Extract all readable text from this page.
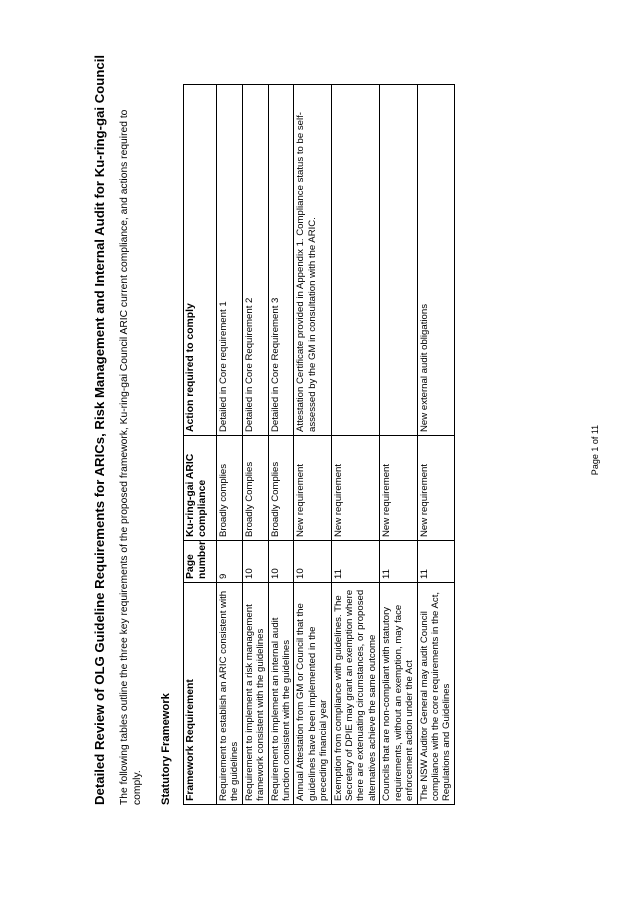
Detailed Review of OLG Guideline Requirements for ARICs, Risk Management and Internal Audit for Ku-ring-gai Council The following tables outline the three key requirements of the proposed framework, Ku-ring-gai Council ARIC current compliance, and actions required to comply. Statutory Framework Framework Requirement	Page number	Ku-ring-gai ARIC compliance	Action required to comply
Requirement to establish an ARIC consistent with the guidelines	9	Broadly complies	Detailed in Core requirement 1
Requirement to implement a risk management framework consistent with the guidelines	10	Broadly Complies	Detailed in Core Requirement 2
Requirement to implement an internal audit function consistent with the guidelines	10	Broadly Complies	Detailed in Core Requirement 3
Annual Attestation from GM or Council that the guidelines have been implemented in the preceding financial year	10	New requirement	Attestation Certificate provided in Appendix 1. Compliance status to be self-assessed by the GM in consultation with the ARIC.
Exemption from compliance with guidelines. The Secretary of DPIE may grant an exemption where there are extenuating circumstances, or proposed alternatives achieve the same outcome	11	New requirement	
Councils that are non-compliant with statutory requirements, without an exemption, may face enforcement action under the Act	11	New requirement	
The NSW Auditor General may audit Council compliance with the core requirements in the Act, Regulations and Guidelines	11	New requirement	New external audit obligations
Page 1 of 11
